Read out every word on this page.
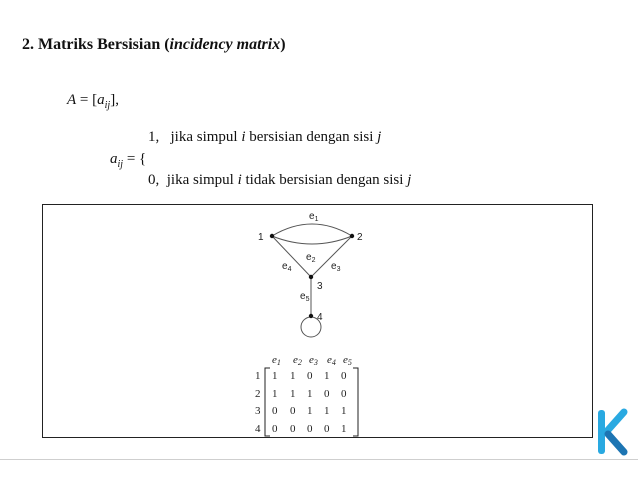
2. Matriks Bersisian (incidency matrix)
$A = [a_{ij}]$,
$a_{ij}$ = {
1, jika simpul i bersisian dengan sisi j
0, jika simpul i tidak bersisian dengan sisi j
1	2
3
4
$e_1$
$e_2$
$e_3$
$e_4$
$e_5$
e1 e2 e3 e4 e5
1
2
3
4
1 1 0 1 0
1 1 1 0 0
0 0 1 1 1
0 0 0 0 1
